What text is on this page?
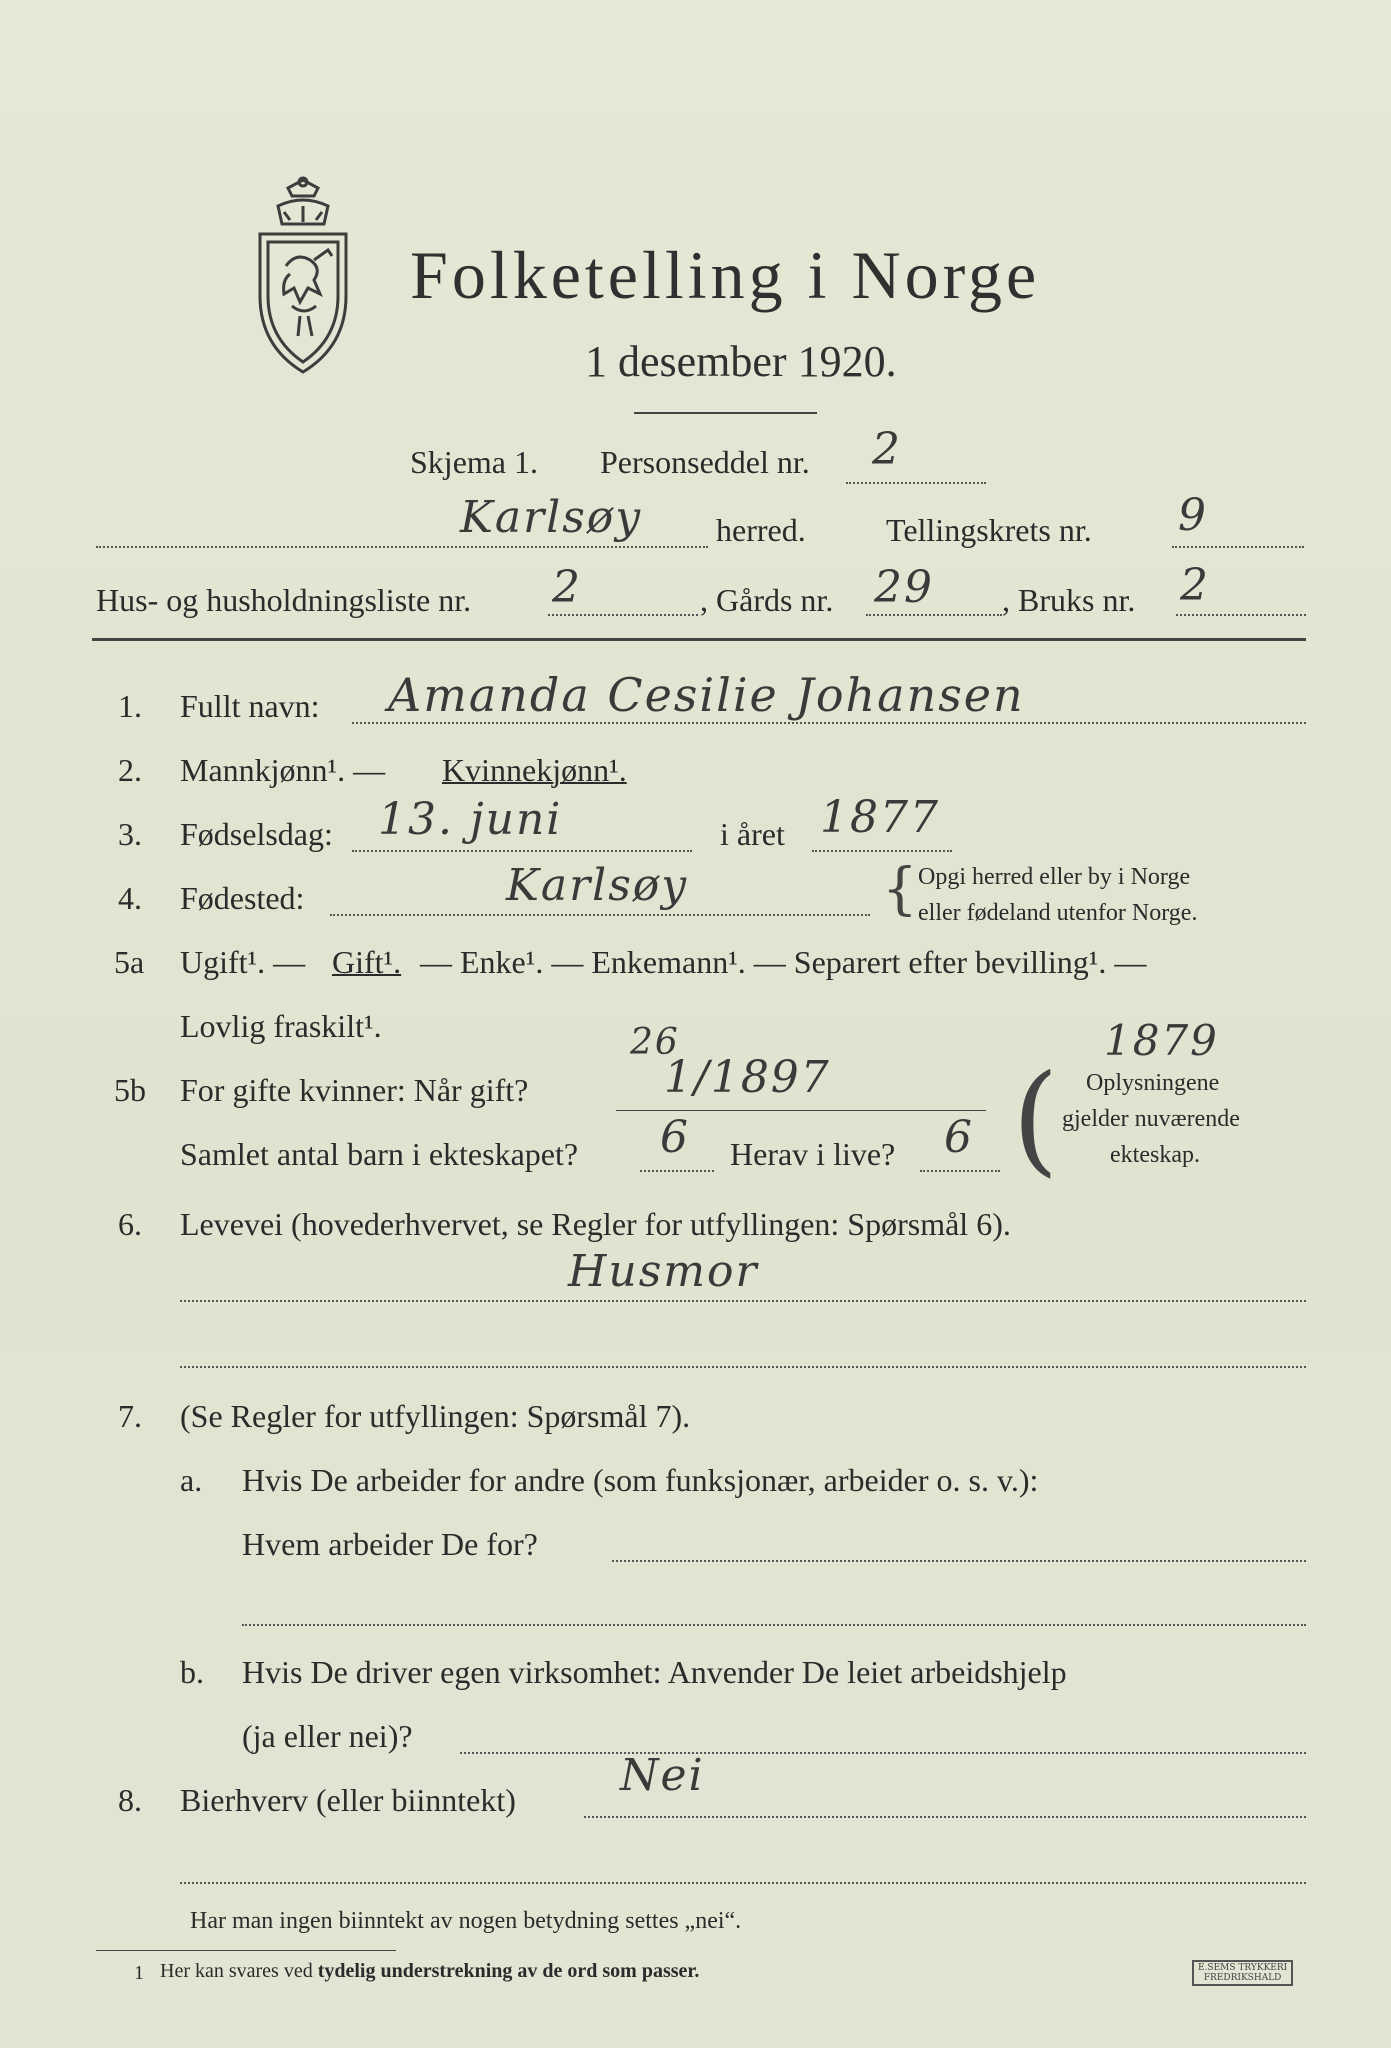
Folketelling i Norge
1 desember 1920.
Skjema 1. Personseddel nr. 2
Karlsøy herred.	Tellingskrets nr. 9
Hus- og husholdningsliste nr. 2	, Gårds nr. 29 , Bruks nr. 2
1. Fullt navn: Amanda Cesilie Johansen
2. Mannkjønn¹. — Kvinnekjønn¹.
3. Fødselsdag: 13. juni	i året 1877
4. Fødested:	Karlsøy	{ Opgi herred eller by i Norge
eller fødeland utenfor Norge.
5a Ugift¹. — Gift¹. — Enke¹. — Enkemann¹. — Separert efter bevilling¹. —
Lovlig fraskilt¹.
5b For gifte kvinner: Når gift?
26
1/1897 (
1879
Oplysningene
gjelder nuværende
ekteskap.
Samlet antal barn i ekteskapet? 6 Herav i live? 6
6. Levevei (hovederhvervet, se Regler for utfyllingen: Spørsmål 6).
Husmor
7. (Se Regler for utfyllingen: Spørsmål 7).
a. Hvis De arbeider for andre (som funksjonær, arbeider o. s. v.):
Hvem arbeider De for?
b. Hvis De driver egen virksomhet: Anvender De leiet arbeidshjelp
(ja eller nei)?
8. Bierhverv (eller biinntekt) Nei
Har man ingen biinntekt av nogen betydning settes „nei“.
1 Her kan svares ved tydelig understrekning av de ord som passer.	E.SEMS TRYKKERI
FREDRIKSHALD
